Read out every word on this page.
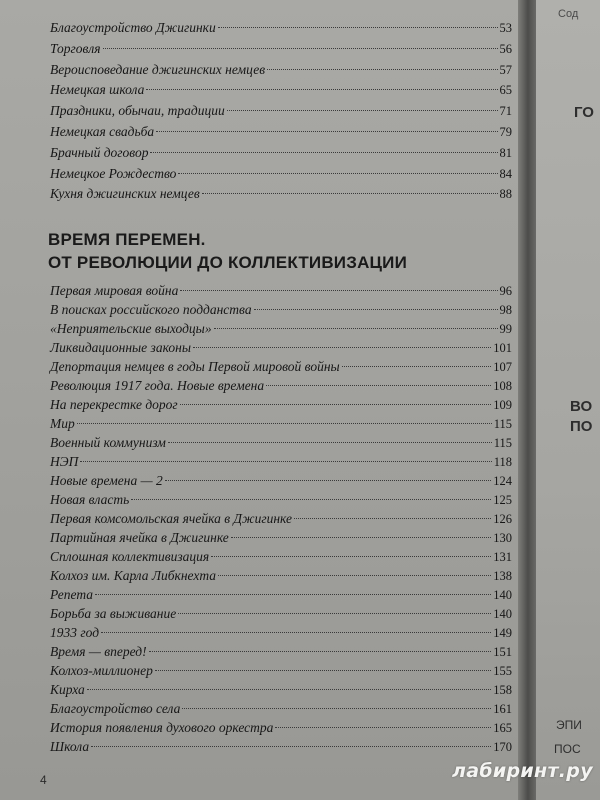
Сод
ГО
ВО
ПО
ЭПИ
ПОС
Благоустройство Джигинки	53
Торговля	56
Вероисповедание джигинских немцев	57
Немецкая школа	65
Праздники, обычаи, традиции	71
Немецкая свадьба	79
Брачный договор	81
Немецкое Рождество	84
Кухня джигинских немцев	88
ВРЕМЯ ПЕРЕМЕН.
ОТ РЕВОЛЮЦИИ ДО КОЛЛЕКТИВИЗАЦИИ
Первая мировая война	96
В поисках российского подданства	98
«Неприятельские выходцы»	99
Ликвидационные законы	101
Депортация немцев в годы Первой мировой войны	107
Революция 1917 года. Новые времена	108
На перекрестке дорог	109
Мир	115
Военный коммунизм	115
НЭП	118
Новые времена — 2	124
Новая власть	125
Первая комсомольская ячейка в Джигинке	126
Партийная ячейка в Джигинке	130
Сплошная коллективизация	131
Колхоз им. Карла Либкнехта	138
Репета	140
Борьба за выживание	140
1933 год	149
Время — вперед!	151
Колхоз-миллионер	155
Кирха	158
Благоустройство села	161
История появления духового оркестра	165
Школа	170
4	лабиринт.ру
